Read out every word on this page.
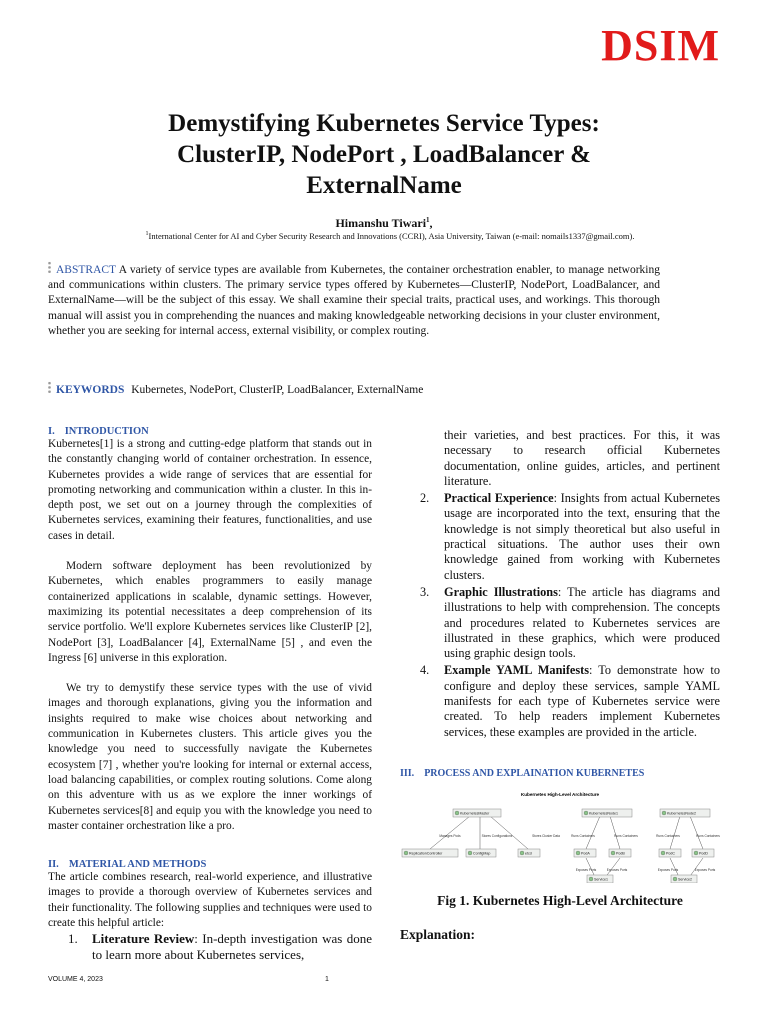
DSIM
Demystifying Kubernetes Service Types:
ClusterIP, NodePort , LoadBalancer &
ExternalName
Himanshu Tiwari$^1$,
$^1$International Center for AI and Cyber Security Research and Innovations (CCRI), Asia University, Taiwan (e-mail: nomails1337@gmail.com).
ABSTRACT A variety of service types are available from Kubernetes, the container orchestration enabler, to manage networking and communications within clusters. The primary service types offered by Kubernetes—ClusterIP, NodePort, LoadBalancer, and ExternalName—will be the subject of this essay. We shall examine their special traits, practical uses, and workings. This thorough manual will assist you in comprehending the nuances and making knowledgeable networking decisions in your cluster environment, whether you are seeking for internal access, external visibility, or complex routing.
KEYWORDS Kubernetes, NodePort, ClusterIP, LoadBalancer, ExternalName
I. INTRODUCTION

Kubernetes[1] is a strong and cutting-edge platform that stands out in the constantly changing world of container orchestration. In essence, Kubernetes provides a wide range of services that are essential for promoting networking and communication within a cluster. In this in-depth post, we set out on a journey through the complexities of Kubernetes services, examining their features, functionalities, and use cases in detail.

Modern software deployment has been revolutionized by Kubernetes, which enables programmers to easily manage containerized applications in scalable, dynamic settings. However, maximizing its potential necessitates a deep comprehension of its service portfolio. We'll explore Kubernetes services like ClusterIP [2], NodePort [3], LoadBalancer [4], ExternalName [5] , and even the Ingress [6] universe in this exploration.

We try to demystify these service types with the use of vivid images and thorough explanations, giving you the information and insights required to make wise choices about networking and communication in Kubernetes clusters. This article gives you the knowledge you need to successfully navigate the Kubernetes ecosystem [7] , whether you're looking for internal or external access, load balancing capabilities, or complex routing solutions. Come along on this adventure with us as we explore the inner workings of Kubernetes services[8] and equip you with the knowledge you need to master container orchestration like a pro.

II. MATERIAL AND METHODS

The article combines research, real-world experience, and illustrative images to provide a thorough overview of Kubernetes services and their functionality. The following supplies and techniques were used to create this helpful article:

1. Literature Review: In-depth investigation was done to learn more about Kubernetes services,
their varieties, and best practices. For this, it was necessary to research official Kubernetes documentation, online guides, articles, and pertinent literature.
2. Practical Experience: Insights from actual Kubernetes usage are incorporated into the text, ensuring that the knowledge is not simply theoretical but also useful in practical situations. The author uses their own knowledge gained from working with Kubernetes clusters.
3. Graphic Illustrations: The article has diagrams and illustrations to help with comprehension. The concepts and procedures related to Kubernetes services are illustrated in these graphics, which were produced using graphic design tools.
4. Example YAML Manifests: To demonstrate how to configure and deploy these services, sample YAML manifests for each type of Kubernetes service were created. To help readers implement Kubernetes services, these examples are provided in the article.
III. PROCESS AND EXPLAINATION KUBERNETES
Kubernetes High-Level Architecture
Manages Pods	Stores Configurations	Stores Cluster Data	Runs Containers	Runs Containers	Runs Containers	Runs Containers
Exposes Ports	Exposes Ports	Exposes Ports	Exposes Ports
KubernetesMaster	KubernetesNode1	KubernetesNode2
ReplicationController	ConfigMap	etcd	PodA	PodB	PodC	PodD
Service1	Service2
Fig 1. Kubernetes High-Level Architecture
Explanation:
VOLUME 4, 2023	1
